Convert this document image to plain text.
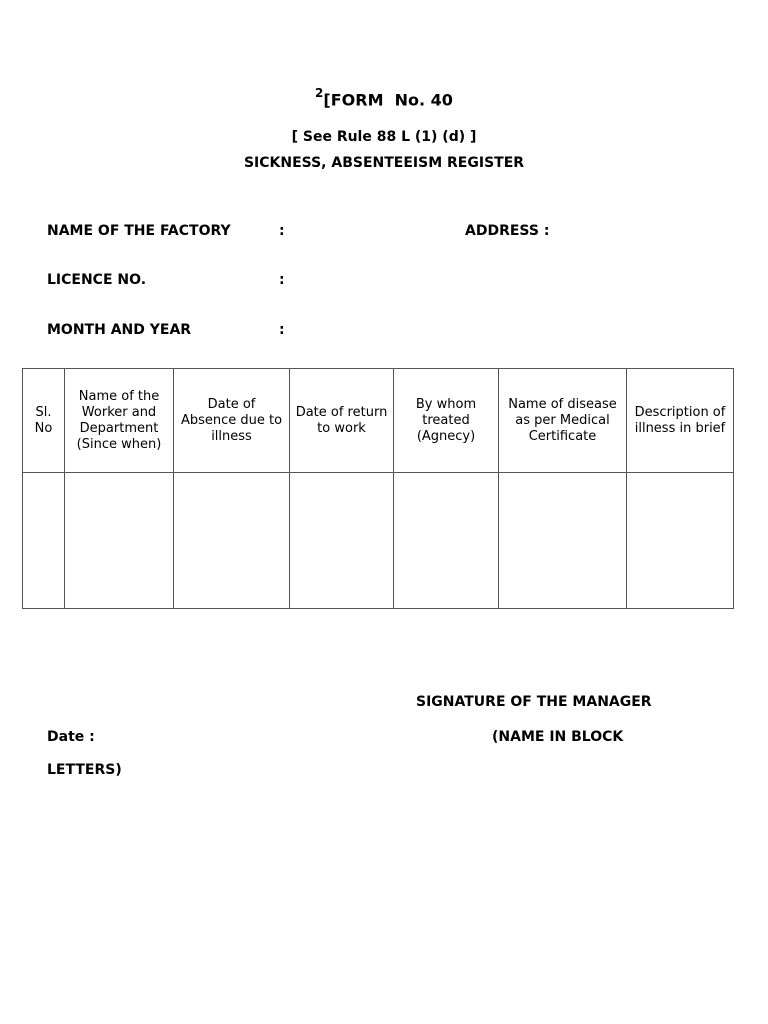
$^2$[FORM  No. 40
[ See Rule 88 L (1) (d) ]
SICKNESS, ABSENTEEISM REGISTER
NAME OF THE FACTORY	:	ADDRESS :
LICENCE NO.	:
MONTH AND YEAR	:
Sl. No	Name of the Worker and Department (Since when)	Date of Absence due to illness	Date of return to work	By whom treated (Agnecy)	Name of disease as per Medical Certificate	Description of illness in brief

SIGNATURE OF THE MANAGER
Date :	(NAME IN BLOCK
LETTERS)
